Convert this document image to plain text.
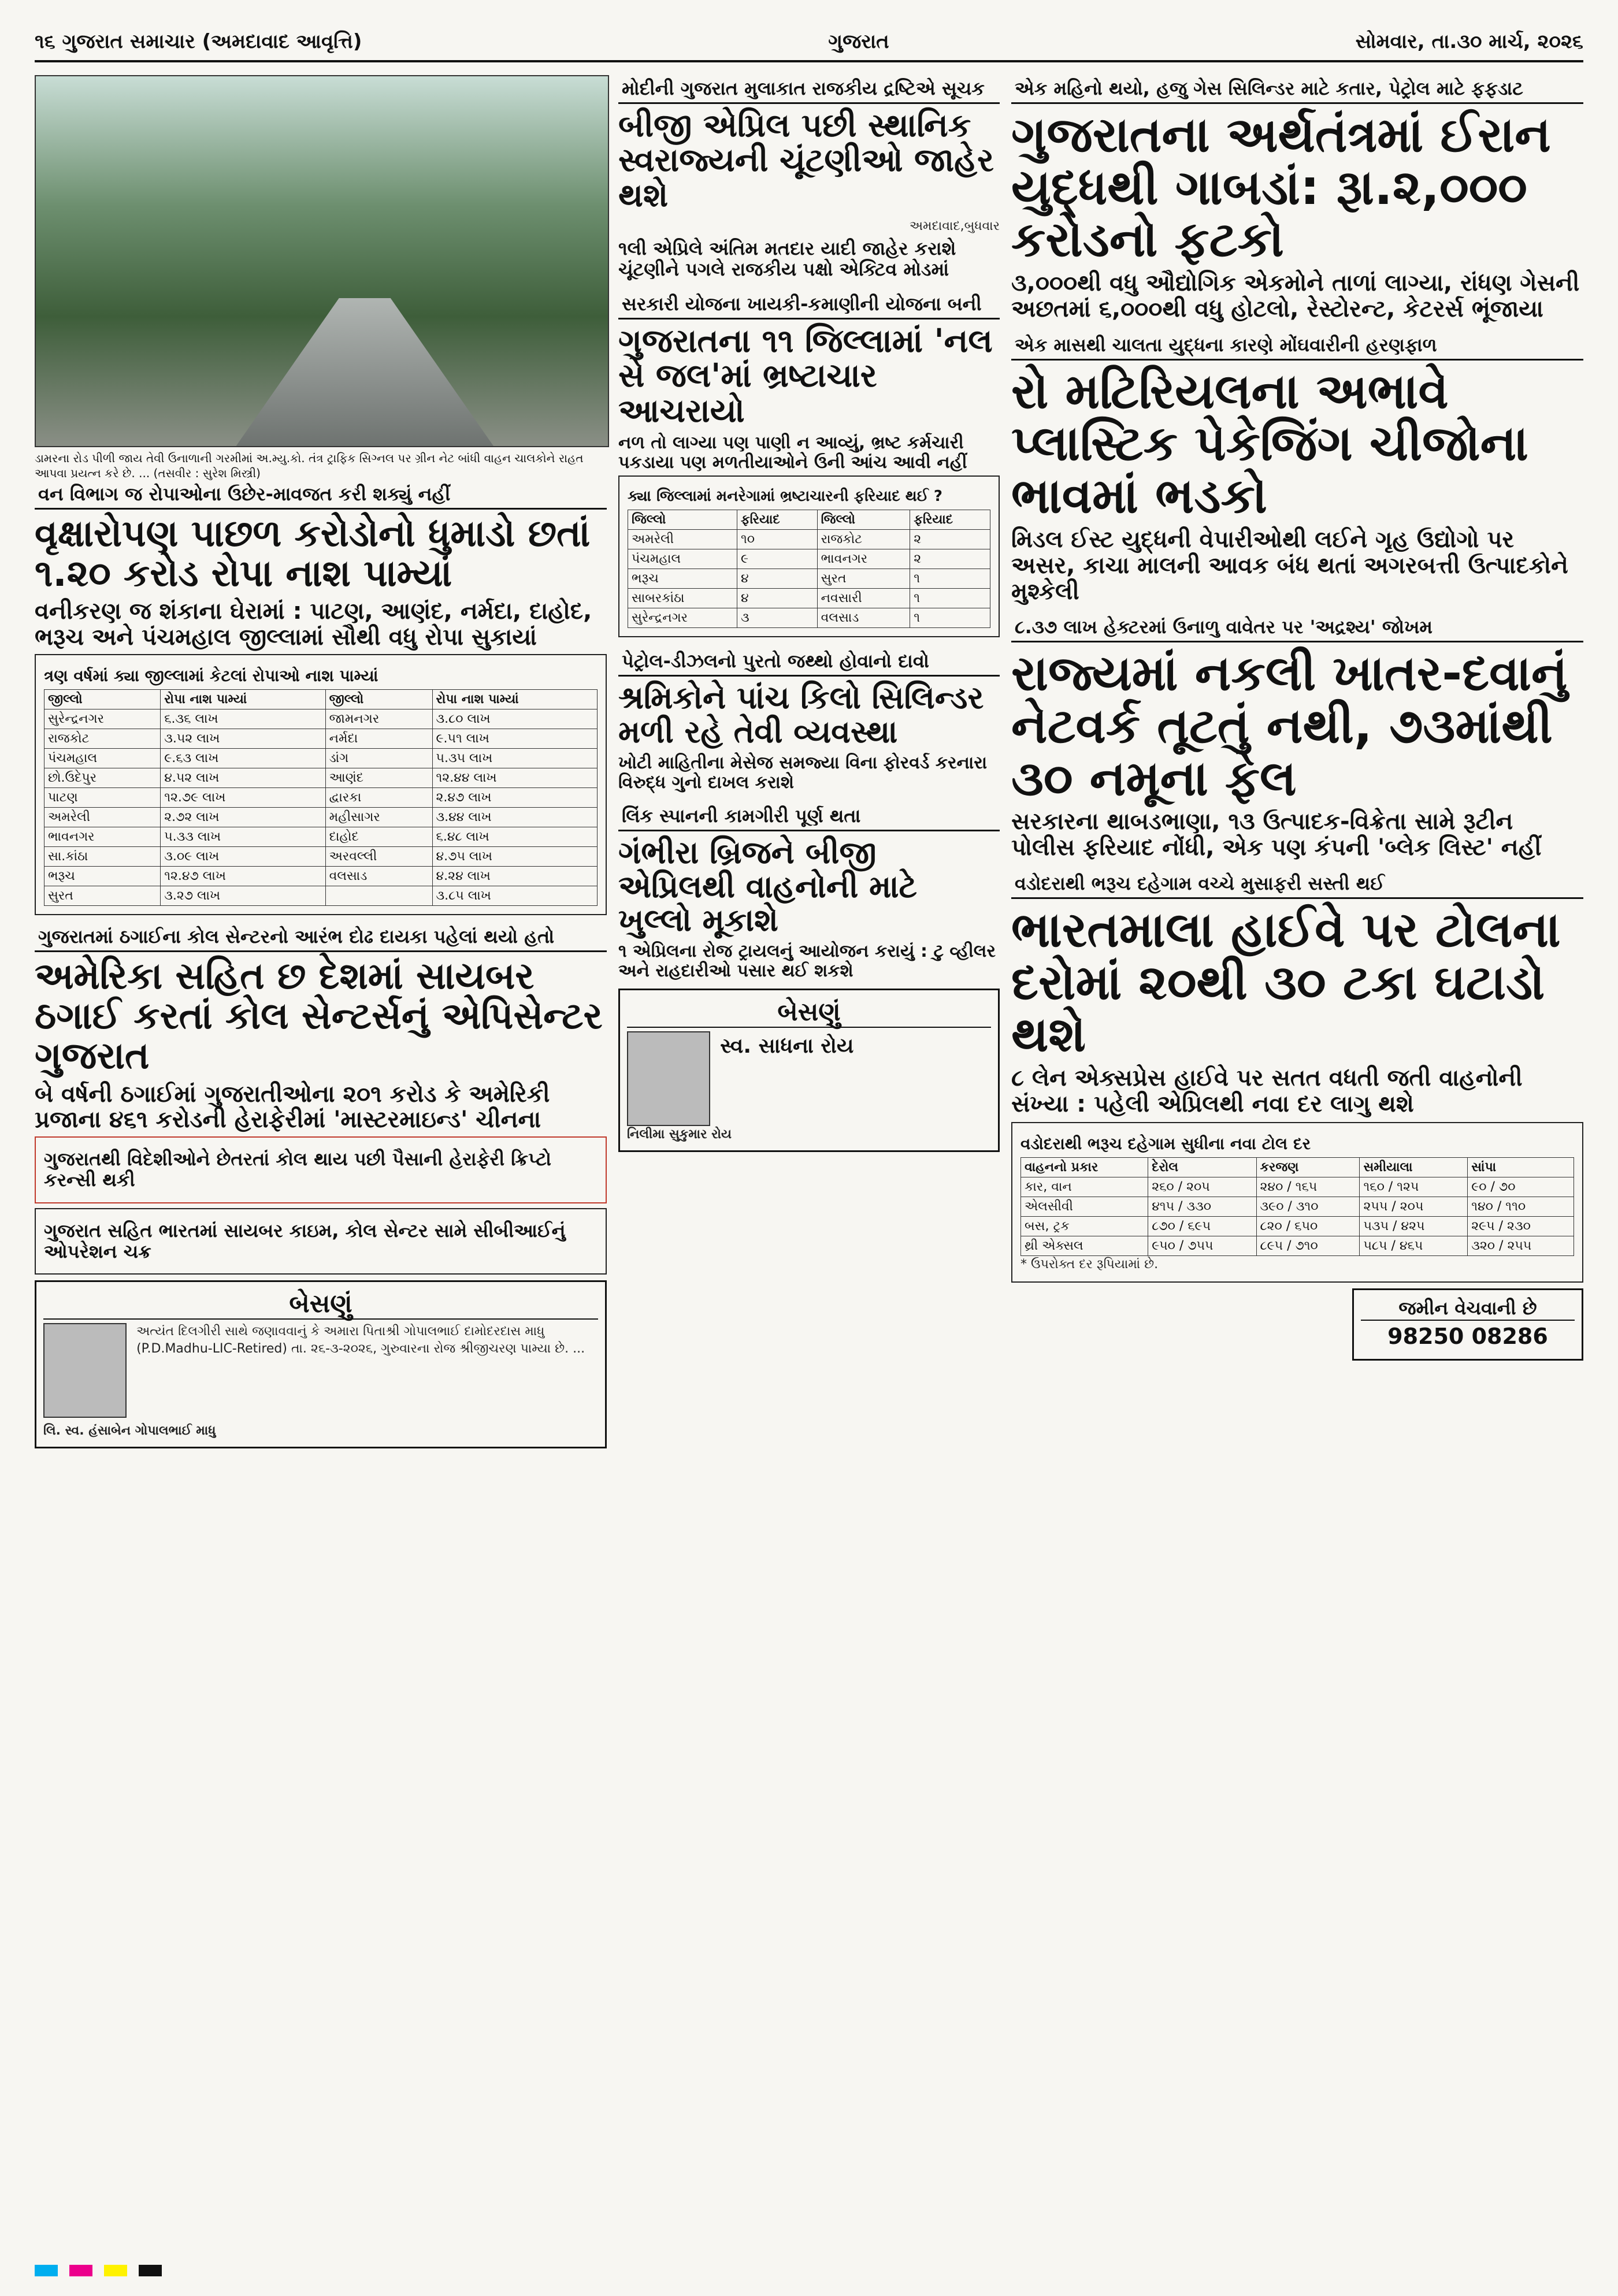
૧૬ ગુજરાત સમાચાર (અમદાવાદ આવૃત્તિ)	ગુજરાત	સોમવાર, તા.૩૦ માર્ચ, ૨૦૨૬
ડામરના રોડ પીળી જાય તેવી ઉનાળાની ગરમીમાં અ.મ્યુ.કો. તંત્ર ટ્રાફિક સિગ્નલ પર ગ્રીન નેટ બાંધી વાહન ચાલકોને રાહત આપવા પ્રયત્ન કરે છે. ... (તસવીર : સુરેશ મિસ્ત્રી)
વન વિભાગ જ રોપાઓના ઉછેર-માવજત કરી શક્યું નહીં
વૃક્ષારોપણ પાછળ કરોડોનો ધુમાડો છતાં ૧.૨૦ કરોડ રોપા નાશ પામ્યાં
વનીકરણ જ શંકાના ઘેરામાં : પાટણ, આણંદ, નર્મદા, દાહોદ, ભરૂચ અને પંચમહાલ જીલ્લામાં સૌથી વધુ રોપા સુકાયાં
ત્રણ વર્ષમાં ક્યા જીલ્લામાં કેટલાં રોપાઓ નાશ પામ્યાં
જીલ્લો	રોપા નાશ પામ્યાં	જીલ્લો	રોપા નાશ પામ્યાં
સુરેન્દ્રનગર	૬.૩૬ લાખ	જામનગર	૩.૮૦ લાખ
રાજકોટ	૩.૫૨ લાખ	નર્મદા	૯.૫૧ લાખ
પંચમહાલ	૯.૬૩ લાખ	ડાંગ	૫.૩૫ લાખ
છો.ઉદેપુર	૪.૫૨ લાખ	આણંદ	૧૨.૪૪ લાખ
પાટણ	૧૨.૭૯ લાખ	દ્વારકા	૨.૪૭ લાખ
અમરેલી	૨.૭૨ લાખ	મહીસાગર	૩.૪૪ લાખ
ભાવનગર	૫.૩૩ લાખ	દાહોદ	૬.૪૮ લાખ
સા.કાંઠા	૩.૦૯ લાખ	અરવલ્લી	૪.૭૫ લાખ
ભરૂચ	૧૨.૪૭ લાખ	વલસાડ	૪.૨૪ લાખ
સુરત	૩.૨૭ લાખ		૩.૮૫ લાખ
ગુજરાતમાં ઠગાઈના કોલ સેન્ટરનો આરંભ દોઢ દાયકા પહેલાં થયો હતો
અમેરિકા સહિત છ દેશમાં સાયબર ઠગાઈ કરતાં કોલ સેન્ટર્સનું એપિસેન્ટર ગુજરાત
બે વર્ષની ઠગાઈમાં ગુજરાતીઓના ૨૦૧ કરોડ કે અમેરિકી પ્રજાના ૪૬૧ કરોડની હેરાફેરીમાં 'માસ્ટરમાઇન્ડ' ચીનના
ગુજરાતથી વિદેશીઓને છેતરતાં કોલ થાય પછી પૈસાની હેરાફેરી ક્રિપ્ટો કરન્સી થકી
ગુજરાત સહિત ભારતમાં સાયબર કાઇમ, કોલ સેન્ટર સામે સીબીઆઈનું ઓપરેશન ચક્ર
બેસણું
અત્યંત દિલગીરી સાથે જણાવવાનું કે અમારા પિતાશ્રી ગોપાલભાઈ દામોદરદાસ માધુ (P.D.Madhu-LIC-Retired) તા. ૨૬-૩-૨૦૨૬, ગુરુવારના રોજ શ્રીજીચરણ પામ્યા છે. ...
લિ. સ્વ. હંસાબેન ગોપાલભાઈ માધુ
મોદીની ગુજરાત મુલાકાત રાજકીય દ્રષ્ટિએ સૂચક
બીજી એપ્રિલ પછી સ્થાનિક સ્વરાજ્યની ચૂંટણીઓ જાહેર થશે
અમદાવાદ,બુધવાર
૧લી એપ્રિલે અંતિમ મતદાર યાદી જાહેર કરાશે ચૂંટણીને પગલે રાજકીય પક્ષો એક્ટિવ મોડમાં
સરકારી યોજના ખાયકી-કમાણીની યોજના બની
ગુજરાતના ૧૧ જિલ્લામાં 'નલ સે જલ'માં ભ્રષ્ટાચાર આચરાયો
નળ તો લાગ્યા પણ પાણી ન આવ્યું, ભ્રષ્ટ કર્મચારી પકડાયા પણ મળતીયાઓને ઉની આંચ આવી નહીં
ક્યા જિલ્લામાં મનરેગામાં ભ્રષ્ટાચારની ફરિયાદ થઈ ?
જિલ્લો	ફરિયાદ	જિલ્લો	ફરિયાદ
અમરેલી	૧૦	રાજકોટ	૨
પંચમહાલ	૯	ભાવનગર	૨
ભરૂચ	૪	સુરત	૧
સાબરકાંઠા	૪	નવસારી	૧
સુરેન્દ્રનગર	૩	વલસાડ	૧
પેટ્રોલ-ડીઝલનો પુરતો જથ્થો હોવાનો દાવો
શ્રમિકોને પાંચ કિલો સિલિન્ડર મળી રહે તેવી વ્યવસ્થા
ખોટી માહિતીના મેસેજ સમજ્યા વિના ફોરવર્ડ કરનારા વિરુદ્ધ ગુનો દાખલ કરાશે
લિંક સ્પાનની કામગીરી પૂર્ણ થતા
ગંભીરા બ્રિજને બીજી એપ્રિલથી વાહનોની માટે ખુલ્લો મૂકાશે
૧ એપ્રિલના રોજ ટ્રાયલનું આયોજન કરાયું : ટુ વ્હીલર અને રાહદારીઓ પસાર થઈ શકશે
બેસણું
સ્વ. સાધના રોય
નિલીમા સુકુમાર રોય
એક મહિનો થયો, હજુ ગેસ સિલિન્ડર માટે કતાર, પેટ્રોલ માટે ફફડાટ
ગુજરાતના અર્થતંત્રમાં ઈરાન યુદ્ધથી ગાબડાં: રૂા.૨,૦૦૦ કરોડનો ફટકો
૩,૦૦૦થી વધુ ઔદ્યોગિક એકમોને તાળાં લાગ્યા, રાંધણ ગેસની અછતમાં ૬,૦૦૦થી વધુ હોટલો, રેસ્ટોરન્ટ, કેટરર્સ ભૂંજાયા
એક માસથી ચાલતા યુદ્ધના કારણે મોંઘવારીની હરણફાળ
રો મટિરિયલના અભાવે પ્લાસ્ટિક પેકેજિંગ ચીજોના ભાવમાં ભડકો
મિડલ ઈસ્ટ યુદ્ધની વેપારીઓથી લઈને ગૃહ ઉદ્યોગો પર અસર, કાચા માલની આવક બંધ થતાં અગરબત્તી ઉત્પાદકોને મુશ્કેલી
૮.૩૭ લાખ હેક્ટરમાં ઉનાળુ વાવેતર પર 'અદ્રશ્ય' જોખમ
રાજ્યમાં નકલી ખાતર-દવાનું નેટવર્ક તૂટતું નથી, ૭૩માંથી ૩૦ નમૂના ફેલ
સરકારના થાબડભાણા, ૧૩ ઉત્પાદક-વિક્રેતા સામે રૂટીન પોલીસ ફરિયાદ નોંધી, એક પણ કંપની 'બ્લેક લિસ્ટ' નહીં
વડોદરાથી ભરૂચ દહેગામ વચ્ચે મુસાફરી સસ્તી થઈ
ભારતમાલા હાઈવે પર ટોલના દરોમાં ૨૦થી ૩૦ ટકા ઘટાડો થશે
૮ લેન એક્સપ્રેસ હાઈવે પર સતત વધતી જતી વાહનોની સંખ્યા : પહેલી એપ્રિલથી નવા દર લાગુ થશે
વડોદરાથી ભરૂચ દહેગામ સુધીના નવા ટોલ દર
વાહનનો પ્રકાર	દેરોલ	કરજણ	સમીયાલા	સાંપા
કાર, વાન	૨૬૦ / ૨૦૫	૨૪૦ / ૧૬૫	૧૬૦ / ૧૨૫	૯૦ / ૭૦
એલસીવી	૪૧૫ / ૩૩૦	૩૯૦ / ૩૧૦	૨૫૫ / ૨૦૫	૧૪૦ / ૧૧૦
બસ, ટ્રક	૮૭૦ / ૬૯૫	૮૨૦ / ૬૫૦	૫૩૫ / ૪૨૫	૨૯૫ / ૨૩૦
થ્રી એક્સલ	૯૫૦ / ૭૫૫	૮૯૫ / ૭૧૦	૫૮૫ / ૪૬૫	૩૨૦ / ૨૫૫
* ઉપરોક્ત દર રૂપિયામાં છે.
જમીન વેચવાની છે
98250 08286
